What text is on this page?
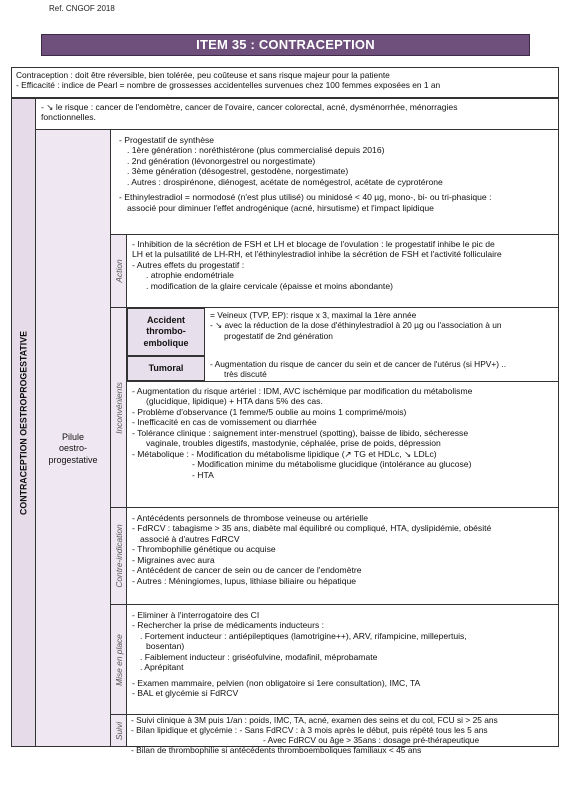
Ref. CNGOF 2018
ITEM 35 : CONTRACEPTION

Contraception : doit être réversible, bien tolérée, peu coûteuse et sans risque majeur pour la patiente

- Efficacité : indice de Pearl = nombre de grossesses accidentelles survenues chez 100 femmes exposées en 1 an

CONTRACEPTION OESTROPROGESTATIVE

- ↘ le risque : cancer de l'endomètre, cancer de l'ovaire, cancer colorectal, acné, dysménorrhée, ménorragies

fonctionnelles.

Pilule
oestro-
progestative

- Progestatif de synthèse

. 1ère génération : noréthistérone (plus commercialisé depuis 2016)

. 2nd génération (lévonorgestrel ou norgestimate)

. 3ème génération (désogestrel, gestodène, norgestimate)

. Autres : drospirénone, diénogest, acétate de nomégestrol, acétate de cyprotérone

- Ethinylestradiol = normodosé (n'est plus utilisé) ou minidosé < 40 µg, mono-, bi- ou tri-phasique :

associé pour diminuer l'effet androgénique (acné, hirsutisme) et l'impact lipidique

Action

- Inhibition de la sécrétion de FSH et LH et blocage de l'ovulation : le progestatif inhibe le pic de

LH et la pulsatilité de LH-RH, et l'éthinylestradiol inhibe la sécrétion de FSH et l'activité folliculaire

- Autres effets du progestatif :

. atrophie endométriale

. modification de la glaire cervicale (épaisse et moins abondante)

Inconvénients
Accident
thrombo-
embolique

= Veineux (TVP, EP): risque x 3, maximal la 1ère année

- ↘ avec la réduction de la dose d'éthinylestradiol à 20 µg ou l'association à un

progestatif de 2nd génération

Tumoral	- Augmentation du risque de cancer du sein et de cancer de l'utérus (si HPV+) ..

très discuté

- Augmentation du risque artériel : IDM, AVC ischémique par modification du métabolisme

(glucidique, lipidique) + HTA dans 5% des cas.

- Problème d'observance (1 femme/5 oublie au moins 1 comprimé/mois)

- Inefficacité en cas de vomissement ou diarrhée

- Tolérance clinique : saignement inter-menstruel (spotting), baisse de libido, sécheresse

vaginale, troubles digestifs, mastodynie, céphalée, prise de poids, dépression

- Métabolique : - Modification du métabolisme lipidique (↗ TG et HDLc, ↘ LDLc)

- Modification minime du métabolisme glucidique (intolérance au glucose)

- HTA

Contre-indication

- Antécédents personnels de thrombose veineuse ou artérielle

- FdRCV : tabagisme > 35 ans, diabète mal équilibré ou compliqué, HTA, dyslipidémie, obésité

associé à d'autres FdRCV

- Thrombophilie génétique ou acquise

- Migraines avec aura

- Antécédent de cancer de sein ou de cancer de l'endomètre

- Autres : Méningiomes, lupus, lithiase biliaire ou hépatique

Mise en place

- Eliminer à l'interrogatoire des CI

- Rechercher la prise de médicaments inducteurs :

. Fortement inducteur : antiépileptiques (lamotrigine++), ARV, rifampicine, millepertuis,

bosentan)

. Faiblement inducteur : griséofulvine, modafinil, méprobamate

. Aprépitant

- Examen mammaire, pelvien (non obligatoire si 1ere consultation), IMC, TA

- BAL et glycémie si FdRCV

Suivi

- Suivi clinique à 3M puis 1/an : poids, IMC, TA, acné, examen des seins et du col, FCU si > 25 ans

- Bilan lipidique et glycémie : - Sans FdRCV : à 3 mois après le début, puis répété tous les 5 ans

- Avec FdRCV ou âge > 35ans : dosage pré-thérapeutique

- Bilan de thrombophilie si antécédents thromboemboliques familiaux < 45 ans
